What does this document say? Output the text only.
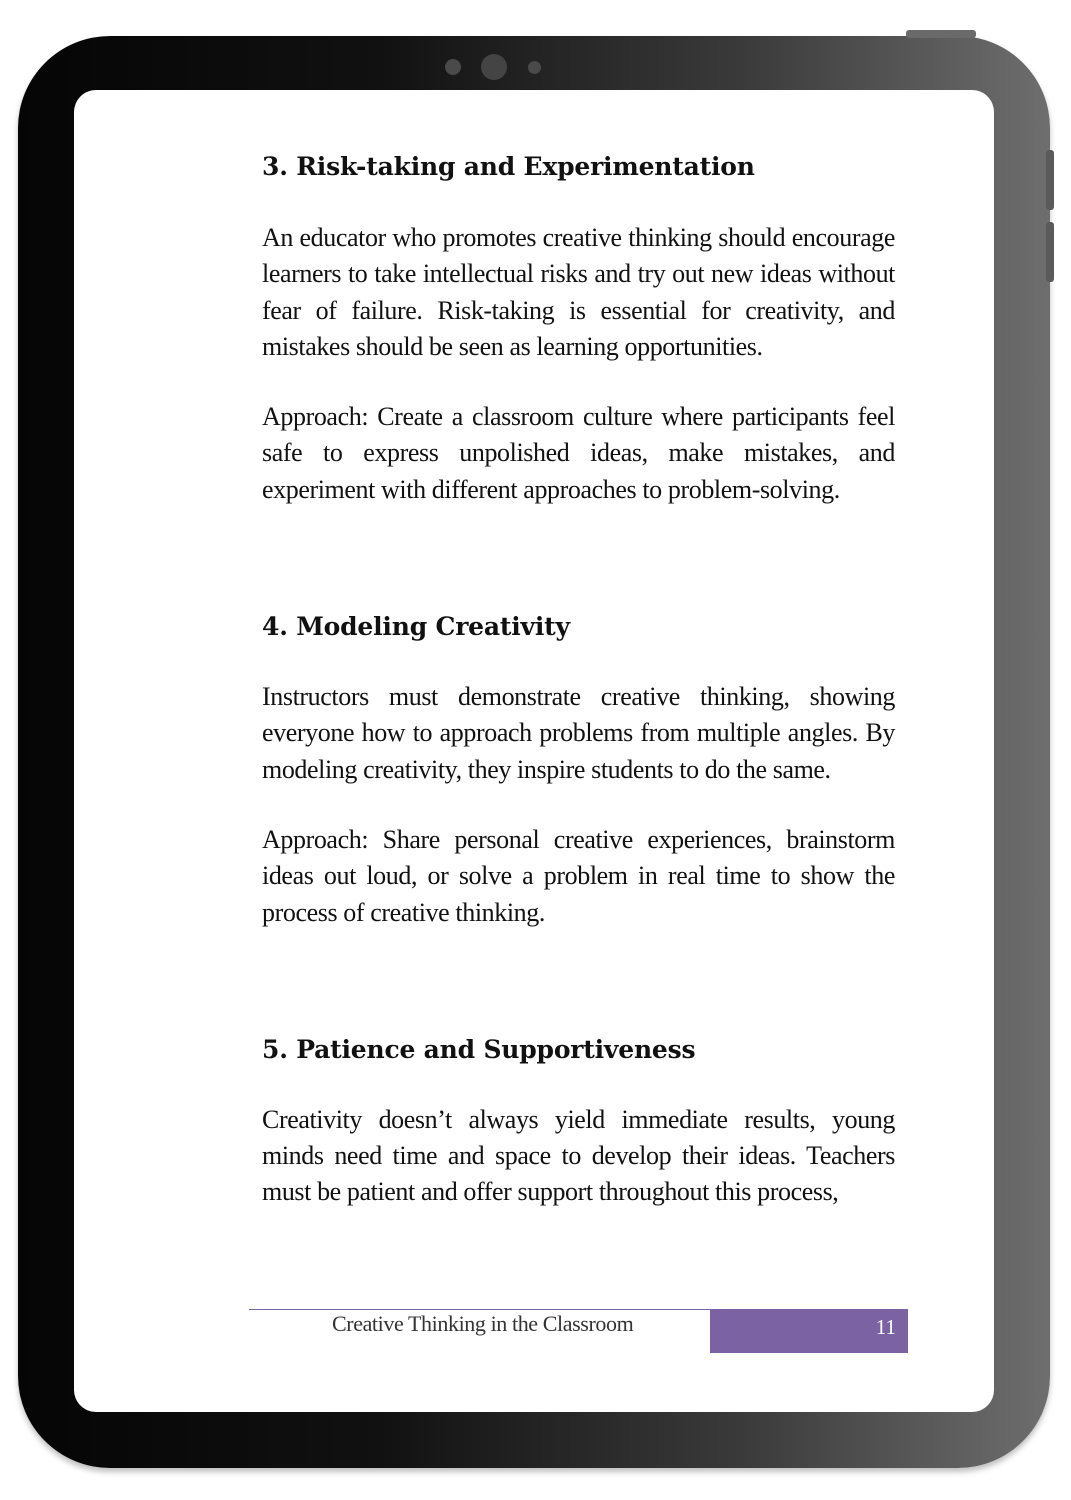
3. Risk-taking and Experimentation

An educator who promotes creative thinking should encourage learners to take intellectual risks and try out new ideas without fear of failure. Risk-taking is essential for creativity, and mistakes should be seen as learning opportunities.

Approach: Create a classroom culture where participants feel safe to express unpolished ideas, make mistakes, and experiment with different approaches to problem-solving.

4. Modeling Creativity

Instructors must demonstrate creative thinking, showing everyone how to approach problems from multiple angles. By modeling creativity, they inspire students to do the same.

Approach: Share personal creative experiences, brainstorm ideas out loud, or solve a problem in real time to show the process of creative thinking.

5. Patience and Supportiveness

Creativity doesn’t always yield immediate results, young minds need time and space to develop their ideas. Teachers must be patient and offer support throughout this process,

Creative Thinking in the Classroom	11
